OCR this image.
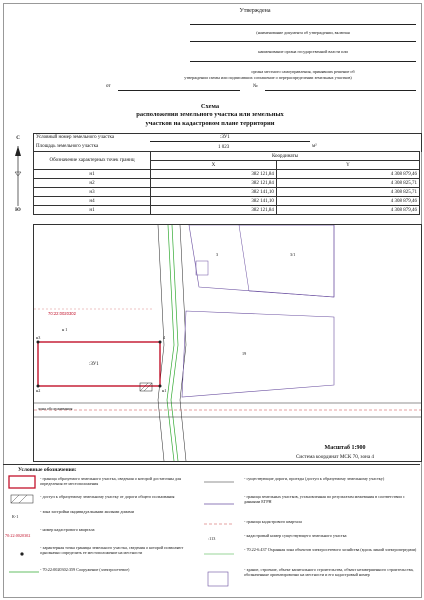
Утверждена
(наименование документа об утверждении, включая
наименование органа государственной власти или
органа местного самоуправления, принявших решение об
утверждении схемы или подписавших соглашение о перераспределении земельных участков)
от	№
Схема
расположения земельного участка или земельных
участков на кадастровом плане территории
С
Ю
Условный номер земельного участка	:ЗУ1
Площадь земельного участка	1 023	м²
Обозначение характерных точек границ	Координаты	
	X	Y
н1	382 121,84	4 308 879,46
н2	382 121,84	4 308 825,71
н3	382 141,10	4 308 825,71
н4	382 141,10	4 308 879,46
н1	382 121,84	4 308 879,46
70:22:0020302
н 1
:ЗУ1
н3	4
н2	н1
зона обслуживания
3	3/1
19
Масштаб 1:900
Система координат МСК 70, зона 4
Условные обозначения:
К-1
70:22:0020302
- граница образуемого земельного участка, сведения о которой достаточны для определения ее местоположения
- доступ к образуемому земельному участку от дороги общего пользования
- зона застройки индивидуальными жилыми домами
- номер кадастрового квартала
- характерная точка границы земельного участка, сведения о которой позволяют однозначно определить ее местоположение на местности
- 70:22:0020302:359 Сооружение (электросетевое)
:113
- существующие дороги, проезды (доступ к образуемому земельному участку)
- граница земельных участков, установленная по результатам межевания в соответствии с данными ЕГРН
- граница кадастрового квартала
- кадастровый номер существующего земельного участка
- 70.22-6.437 Охранная зона объектов электросетевого хозяйства (вдоль линий электропередачи)
- здание, строение, объект капитального строительства, объект незавершенного строительства, обозначенные ориентировочно на местности и его кадастровый номер
